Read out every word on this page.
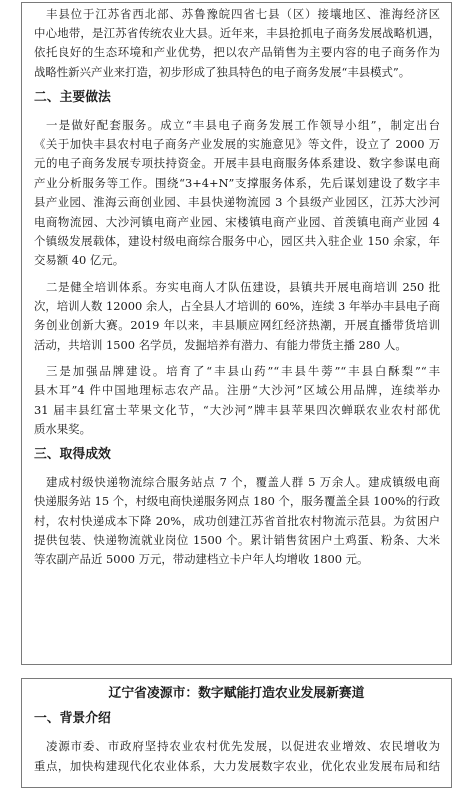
丰县位于江苏省西北部、苏鲁豫皖四省七县（区）接壤地区、淮海经济区
中心地带，是江苏省传统农业大县。近年来，丰县抢抓电子商务发展战略机遇，
依托良好的生态环境和产业优势，把以农产品销售为主要内容的电子商务作为
战略性新兴产业来打造，初步形成了独具特色的电子商务发展“丰县模式”。
二、主要做法
一是做好配套服务。成立“丰县电子商务发展工作领导小组”，制定出台
《关于加快丰县农村电子商务产业发展的实施意见》等文件，设立了 2000 万
元的电子商务发展专项扶持资金。开展丰县电商服务体系建设、数字参谋电商
产业分析服务等工作。围绕“3+4+N”支撑服务体系，先后谋划建设了数字丰
县产业园、淮海云商创业园、丰县快递物流园 3 个县级产业园区，江苏大沙河
电商物流园、大沙河镇电商产业园、宋楼镇电商产业园、首羡镇电商产业园 4
个镇级发展载体，建设村级电商综合服务中心，园区共入驻企业 150 余家，年
交易额 40 亿元。
二是健全培训体系。夯实电商人才队伍建设，县镇共开展电商培训 250 批
次，培训人数 12000 余人，占全县人才培训的 60%，连续 3 年举办丰县电子商
务创业创新大赛。2019 年以来，丰县顺应网红经济热潮，开展直播带货培训
活动，共培训 1500 名学员，发掘培养有潜力、有能力带货主播 280 人。
三是加强品牌建设。培育了“丰县山药”“丰县牛蒡”“丰县白酥梨”“丰
县木耳”4 件中国地理标志农产品。注册“大沙河”区域公用品牌，连续举办
31 届丰县红富士苹果文化节，“大沙河”牌丰县苹果四次蝉联农业农村部优
质水果奖。
三、取得成效
建成村级快递物流综合服务站点 7 个，覆盖人群 5 万余人。建成镇级电商
快递服务站 15 个，村级电商快递服务网点 180 个，服务覆盖全县 100%的行政
村，农村快递成本下降 20%，成功创建江苏省首批农村物流示范县。为贫困户
提供包装、快递物流就业岗位 1500 个。累计销售贫困户土鸡蛋、粉条、大米
等农副产品近 5000 万元，带动建档立卡户年人均增收 1800 元。
辽宁省凌源市：数字赋能打造农业发展新赛道
一、背景介绍
凌源市委、市政府坚持农业农村优先发展，以促进农业增效、农民增收为
重点，加快构建现代化农业体系，大力发展数字农业，优化农业发展布局和结
